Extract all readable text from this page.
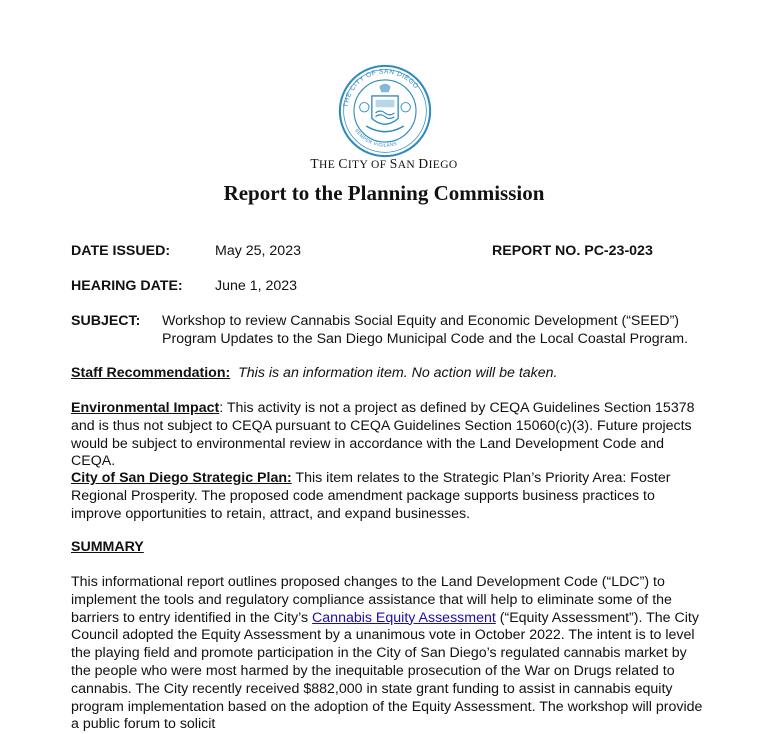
THE CITY OF SAN DIEGO
SEMPER VIGILANS
THE CITY OF SAN DIEGO
Report to the Planning Commission
DATE ISSUED:	May 25, 2023	REPORT NO. PC-23-023
HEARING DATE: June 1, 2023
SUBJECT: Workshop to review Cannabis Social Equity and Economic Development (“SEED”) Program Updates to the San Diego Municipal Code and the Local Coastal Program.

Staff Recommendation: This is an information item. No action will be taken.

Environmental Impact: This activity is not a project as defined by CEQA Guidelines Section 15378 and is thus not subject to CEQA pursuant to CEQA Guidelines Section 15060(c)(3). Future projects would be subject to environmental review in accordance with the Land Development Code and CEQA.

City of San Diego Strategic Plan: This item relates to the Strategic Plan’s Priority Area: Foster Regional Prosperity. The proposed code amendment package supports business practices to improve opportunities to retain, attract, and expand businesses.

SUMMARY

This informational report outlines proposed changes to the Land Development Code (“LDC”) to implement the tools and regulatory compliance assistance that will help to eliminate some of the barriers to entry identified in the City’s Cannabis Equity Assessment (“Equity Assessment”). The City Council adopted the Equity Assessment by a unanimous vote in October 2022. The intent is to level the playing field and promote participation in the City of San Diego’s regulated cannabis market by the people who were most harmed by the inequitable prosecution of the War on Drugs related to cannabis. The City recently received $882,000 in state grant funding to assist in cannabis equity program implementation based on the adoption of the Equity Assessment. The workshop will provide a public forum to solicit
